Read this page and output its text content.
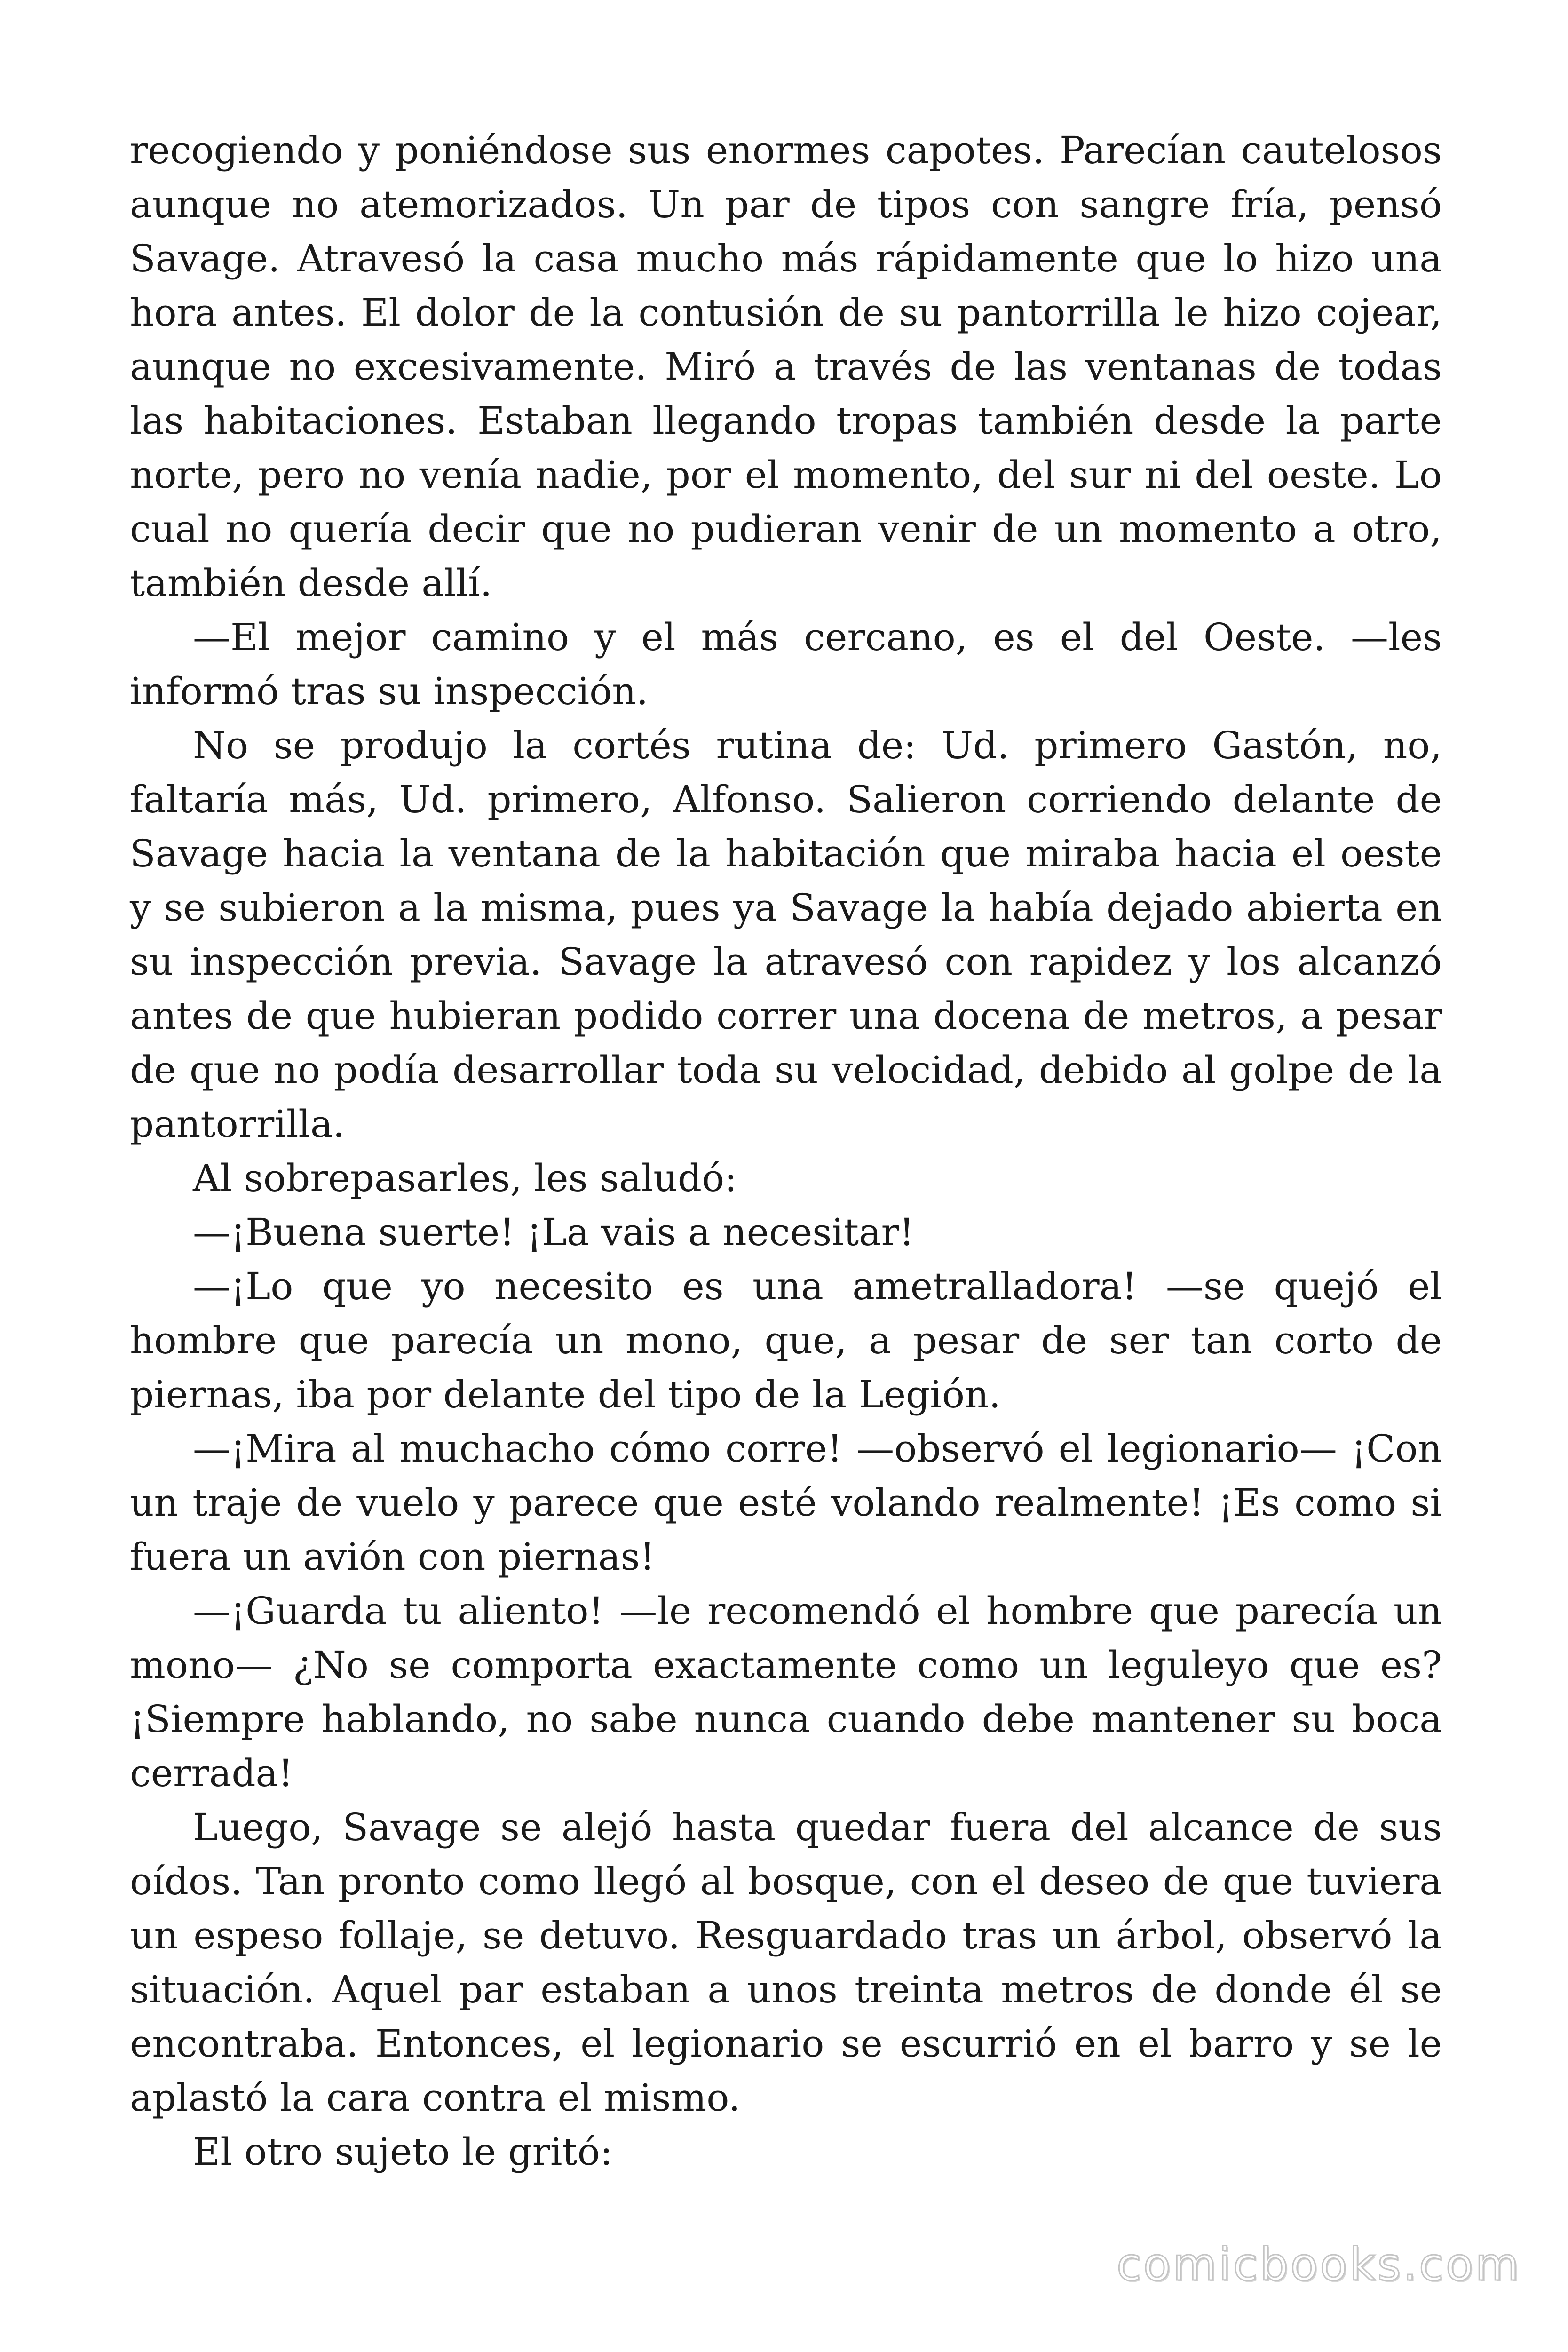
recogiendo y poniéndose sus enormes capotes. Parecían cautelosos aunque no atemorizados. Un par de tipos con sangre fría, pensó Savage. Atravesó la casa mucho más rápidamente que lo hizo una hora antes. El dolor de la contusión de su pantorrilla le hizo cojear, aunque no excesivamente. Miró a través de las ventanas de todas las habitaciones. Estaban llegando tropas también desde la parte norte, pero no venía nadie, por el momento, del sur ni del oeste. Lo cual no quería decir que no pudieran venir de un momento a otro, también desde allí.

—El mejor camino y el más cercano, es el del Oeste. —les informó tras su inspección.

No se produjo la cortés rutina de: Ud. primero Gastón, no, faltaría más, Ud. primero, Alfonso. Salieron corriendo delante de Savage hacia la ventana de la habitación que miraba hacia el oeste y se subieron a la misma, pues ya Savage la había dejado abierta en su inspección previa. Savage la atravesó con rapidez y los alcanzó antes de que hubieran podido correr una docena de metros, a pesar de que no podía desarrollar toda su velocidad, debido al golpe de la pantorrilla.

Al sobrepasarles, les saludó:

—¡Buena suerte! ¡La vais a necesitar!

—¡Lo que yo necesito es una ametralladora! —se quejó el hombre que parecía un mono, que, a pesar de ser tan corto de piernas, iba por delante del tipo de la Legión.

—¡Mira al muchacho cómo corre! —observó el legionario— ¡Con un traje de vuelo y parece que esté volando realmente! ¡Es como si fuera un avión con piernas!

—¡Guarda tu aliento! —le recomendó el hombre que parecía un mono— ¿No se comporta exactamente como un leguleyo que es? ¡Siempre hablando, no sabe nunca cuando debe mantener su boca cerrada!

Luego, Savage se alejó hasta quedar fuera del alcance de sus oídos. Tan pronto como llegó al bosque, con el deseo de que tuviera un espeso follaje, se detuvo. Resguardado tras un árbol, observó la situación. Aquel par estaban a unos treinta metros de donde él se encontraba. Entonces, el legionario se escurrió en el barro y se le aplastó la cara contra el mismo.

El otro sujeto le gritó:

comicbooks.com
